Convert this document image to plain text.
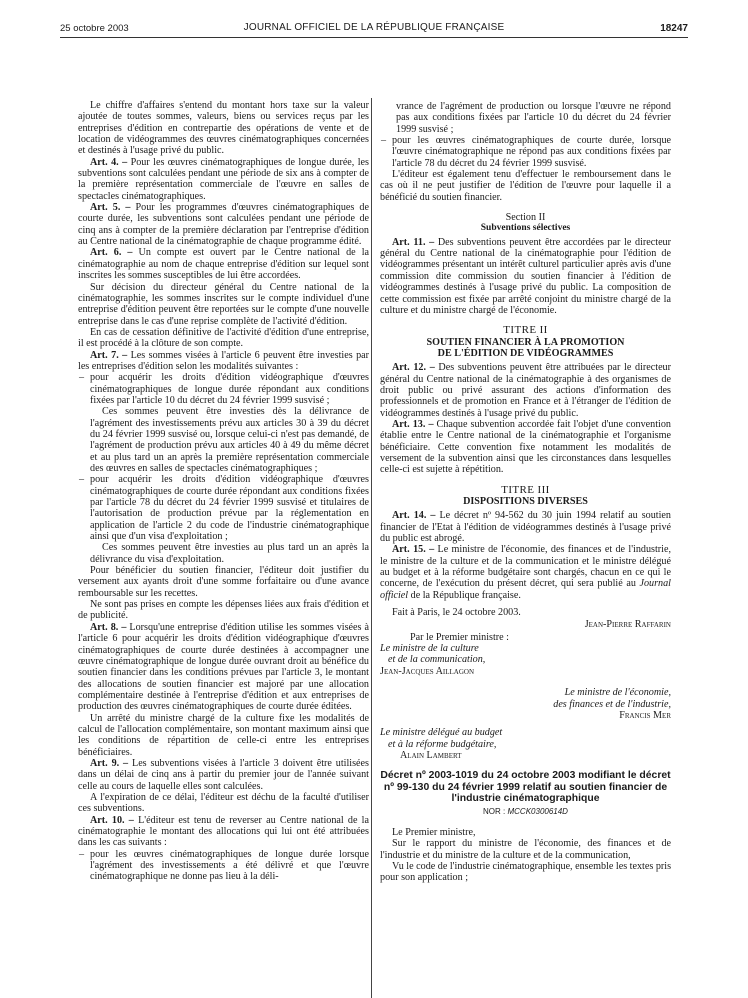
25 octobre 2003	JOURNAL OFFICIEL DE LA RÉPUBLIQUE FRANÇAISE	18247

Le chiffre d'affaires s'entend du montant hors taxe sur la valeur ajoutée de toutes sommes, valeurs, biens ou services reçus par les entreprises d'édition en contrepartie des opérations de vente et de location de vidéogrammes des œuvres cinématographiques concernées et destinés à l'usage privé du public.

Art. 4. – Pour les œuvres cinématographiques de longue durée, les subventions sont calculées pendant une période de six ans à compter de la première représentation commerciale de l'œuvre en salles de spectacles cinématographiques.

Art. 5. – Pour les programmes d'œuvres cinématographiques de courte durée, les subventions sont calculées pendant une période de cinq ans à compter de la première déclaration par l'entreprise d'édition au Centre national de la cinématographie de chaque programme édité.

Art. 6. – Un compte est ouvert par le Centre national de la cinématographie au nom de chaque entreprise d'édition sur lequel sont inscrites les sommes susceptibles de lui être accordées.

Sur décision du directeur général du Centre national de la cinématographie, les sommes inscrites sur le compte individuel d'une entreprise d'édition peuvent être reportées sur le compte d'une nouvelle entreprise dans le cas d'une reprise complète de l'activité d'édition.

En cas de cessation définitive de l'activité d'édition d'une entreprise, il est procédé à la clôture de son compte.

Art. 7. – Les sommes visées à l'article 6 peuvent être investies par les entreprises d'édition selon les modalités suivantes :

– pour acquérir les droits d'édition vidéographique d'œuvres cinématographiques de longue durée répondant aux conditions fixées par l'article 10 du décret du 24 février 1999 susvisé ;

Ces sommes peuvent être investies dès la délivrance de l'agrément des investissements prévu aux articles 30 à 39 du décret du 24 février 1999 susvisé ou, lorsque celui-ci n'est pas demandé, de l'agrément de production prévu aux articles 40 à 49 du même décret et au plus tard un an après la première représentation commerciale des œuvres en salles de spectacles cinématographiques ;

– pour acquérir les droits d'édition vidéographique d'œuvres cinématographiques de courte durée répondant aux conditions fixées par l'article 78 du décret du 24 février 1999 susvisé et titulaires de l'autorisation de production prévue par la réglementation en application de l'article 2 du code de l'industrie cinématographique ainsi que d'un visa d'exploitation ;

Ces sommes peuvent être investies au plus tard un an après la délivrance du visa d'exploitation.

Pour bénéficier du soutien financier, l'éditeur doit justifier du versement aux ayants droit d'une somme forfaitaire ou d'une avance remboursable sur les recettes.

Ne sont pas prises en compte les dépenses liées aux frais d'édition et de publicité.

Art. 8. – Lorsqu'une entreprise d'édition utilise les sommes visées à l'article 6 pour acquérir les droits d'édition vidéographique d'œuvres cinématographiques de courte durée destinées à accompagner une œuvre cinématographique de longue durée ouvrant droit au bénéfice du soutien financier dans les conditions prévues par l'article 3, le montant des allocations de soutien financier est majoré par une allocation complémentaire destinée à l'entreprise d'édition et aux entreprises de production des œuvres cinématographiques de courte durée éditées.

Un arrêté du ministre chargé de la culture fixe les modalités de calcul de l'allocation complémentaire, son montant maximum ainsi que les conditions de répartition de celle-ci entre les entreprises bénéficiaires.

Art. 9. – Les subventions visées à l'article 3 doivent être utilisées dans un délai de cinq ans à partir du premier jour de l'année suivant celle au cours de laquelle elles sont calculées.

A l'expiration de ce délai, l'éditeur est déchu de la faculté d'utiliser ces subventions.

Art. 10. – L'éditeur est tenu de reverser au Centre national de la cinématographie le montant des allocations qui lui ont été attribuées dans les cas suivants :

– pour les œuvres cinématographiques de longue durée lorsque l'agrément des investissements a été délivré et que l'œuvre cinématographique ne donne pas lieu à la déli-

vrance de l'agrément de production ou lorsque l'œuvre ne répond pas aux conditions fixées par l'article 10 du décret du 24 février 1999 susvisé ;

– pour les œuvres cinématographiques de courte durée, lorsque l'œuvre cinématographique ne répond pas aux conditions fixées par l'article 78 du décret du 24 février 1999 susvisé.

L'éditeur est également tenu d'effectuer le remboursement dans le cas où il ne peut justifier de l'édition de l'œuvre pour laquelle il a bénéficié du soutien financier.

Section II

Subventions sélectives

Art. 11. – Des subventions peuvent être accordées par le directeur général du Centre national de la cinématographie pour l'édition de vidéogrammes présentant un intérêt culturel particulier après avis d'une commission dite commission du soutien financier à l'édition de vidéogrammes destinés à l'usage privé du public. La composition de cette commission est fixée par arrêté conjoint du ministre chargé de la culture et du ministre chargé de l'économie.

TITRE II

SOUTIEN FINANCIER À LA PROMOTION
DE L'ÉDITION DE VIDÉOGRAMMES

Art. 12. – Des subventions peuvent être attribuées par le directeur général du Centre national de la cinématographie à des organismes de droit public ou privé assurant des actions d'information des professionnels et de promotion en France et à l'étranger de l'édition de vidéogrammes destinés à l'usage privé du public.

Art. 13. – Chaque subvention accordée fait l'objet d'une convention établie entre le Centre national de la cinématographie et l'organisme bénéficiaire. Cette convention fixe notamment les modalités de versement de la subvention ainsi que les circonstances dans lesquelles celle-ci est sujette à répétition.

TITRE III

DISPOSITIONS DIVERSES

Art. 14. – Le décret nº 94-562 du 30 juin 1994 relatif au soutien financier de l'Etat à l'édition de vidéogrammes destinés à l'usage privé du public est abrogé.

Art. 15. – Le ministre de l'économie, des finances et de l'industrie, le ministre de la culture et de la communication et le ministre délégué au budget et à la réforme budgétaire sont chargés, chacun en ce qui le concerne, de l'exécution du présent décret, qui sera publié au Journal officiel de la République française.

Fait à Paris, le 24 octobre 2003.

Jean-Pierre Raffarin

Par le Premier ministre :

Le ministre de la culture
et de la communication,
Jean-Jacques Aillagon
Le ministre de l'économie,
des finances et de l'industrie,
Francis Mer
Le ministre délégué au budget
et à la réforme budgétaire,
Alain Lambert

Décret nº 2003-1019 du 24 octobre 2003 modifiant le décret nº 99-130 du 24 février 1999 relatif au soutien financier de l'industrie cinématographique

NOR : MCCK0300614D

Le Premier ministre,

Sur le rapport du ministre de l'économie, des finances et de l'industrie et du ministre de la culture et de la communication,

Vu le code de l'industrie cinématographique, ensemble les textes pris pour son application ;
